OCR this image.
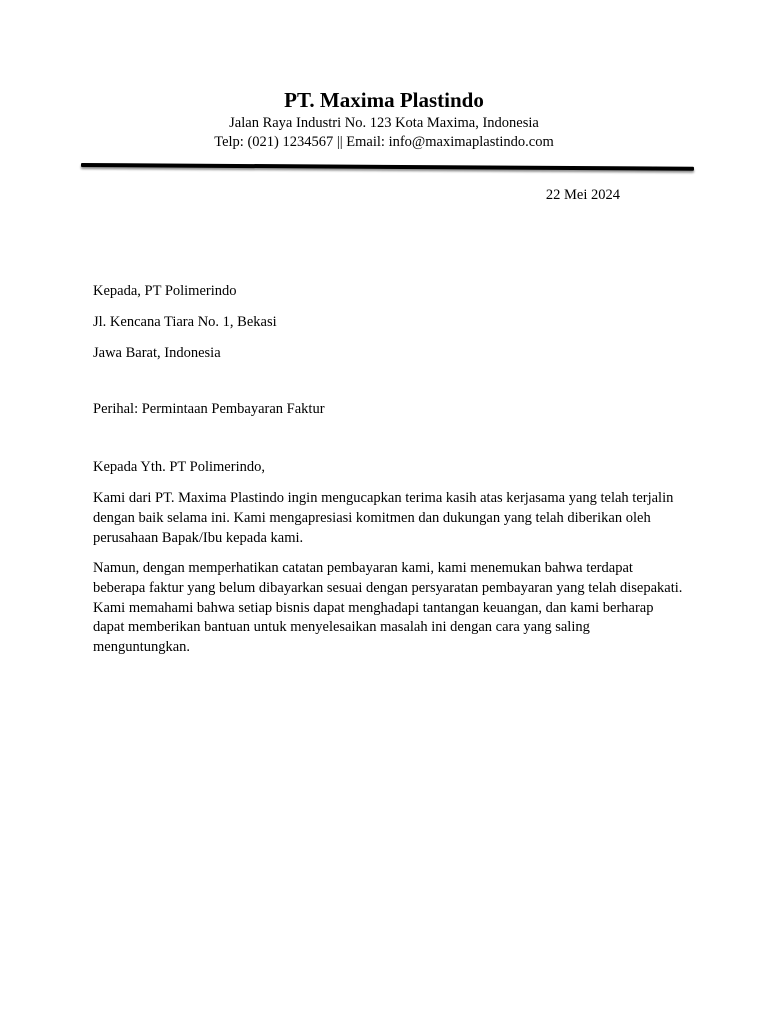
PT. Maxima Plastindo
Jalan Raya Industri No. 123 Kota Maxima, Indonesia
Telp: (021) 1234567 || Email: info@maximaplastindo.com
22 Mei 2024
Kepada, PT Polimerindo
Jl. Kencana Tiara No. 1, Bekasi
Jawa Barat, Indonesia
Perihal: Permintaan Pembayaran Faktur
Kepada Yth. PT Polimerindo,
Kami dari PT. Maxima Plastindo ingin mengucapkan terima kasih atas kerjasama yang telah terjalin dengan baik selama ini. Kami mengapresiasi komitmen dan dukungan yang telah diberikan oleh perusahaan Bapak/Ibu kepada kami.
Namun, dengan memperhatikan catatan pembayaran kami, kami menemukan bahwa terdapat beberapa faktur yang belum dibayarkan sesuai dengan persyaratan pembayaran yang telah disepakati. Kami memahami bahwa setiap bisnis dapat menghadapi tantangan keuangan, dan kami berharap dapat memberikan bantuan untuk menyelesaikan masalah ini dengan cara yang saling menguntungkan.
